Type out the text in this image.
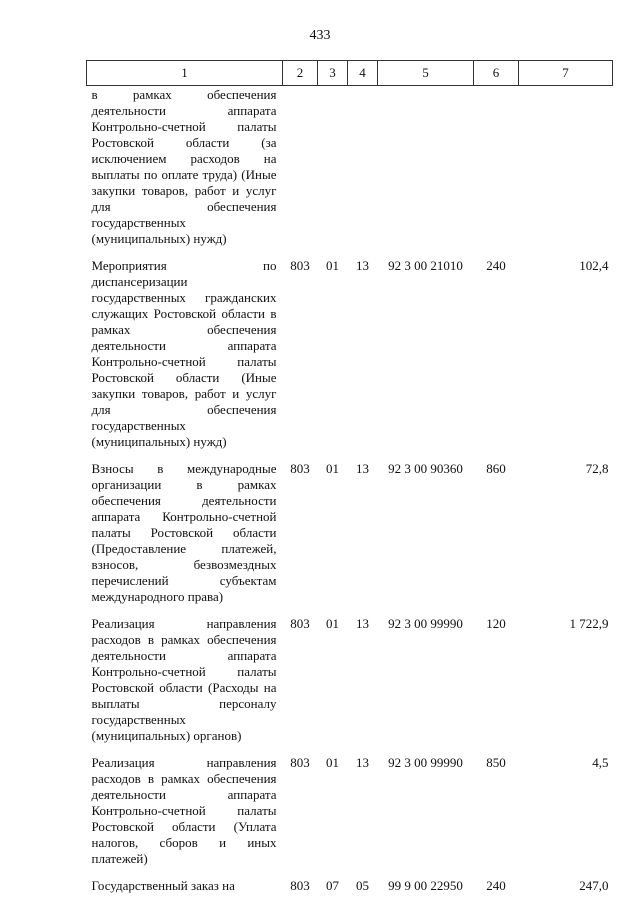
433
1	2	3	4	5	6	7
в рамках обеспечения деятельности аппарата Контрольно-счетной палаты Ростовской области (за исключением расходов на выплаты по оплате труда) (Иные закупки товаров, работ и услуг для обеспечения государственных (муниципальных) нужд)						
Мероприятия по диспансеризации государственных гражданских служащих Ростовской области в рамках обеспечения деятельности аппарата Контрольно-счетной палаты Ростовской области (Иные закупки товаров, работ и услуг для обеспечения государственных (муниципальных) нужд)	803	01	13	92 3 00 21010	240	102,4
Взносы в международные организации в рамках обеспечения деятельности аппарата Контрольно-счетной палаты Ростовской области (Предоставление платежей, взносов, безвозмездных перечислений субъектам международного права)	803	01	13	92 3 00 90360	860	72,8
Реализация направления расходов в рамках обеспечения деятельности аппарата Контрольно-счетной палаты Ростовской области (Расходы на выплаты персоналу государственных (муниципальных) органов)	803	01	13	92 3 00 99990	120	1 722,9
Реализация направления расходов в рамках обеспечения деятельности аппарата Контрольно-счетной палаты Ростовской области (Уплата налогов, сборов и иных платежей)	803	01	13	92 3 00 99990	850	4,5
Государственный заказ на	803	07	05	99 9 00 22950	240	247,0
